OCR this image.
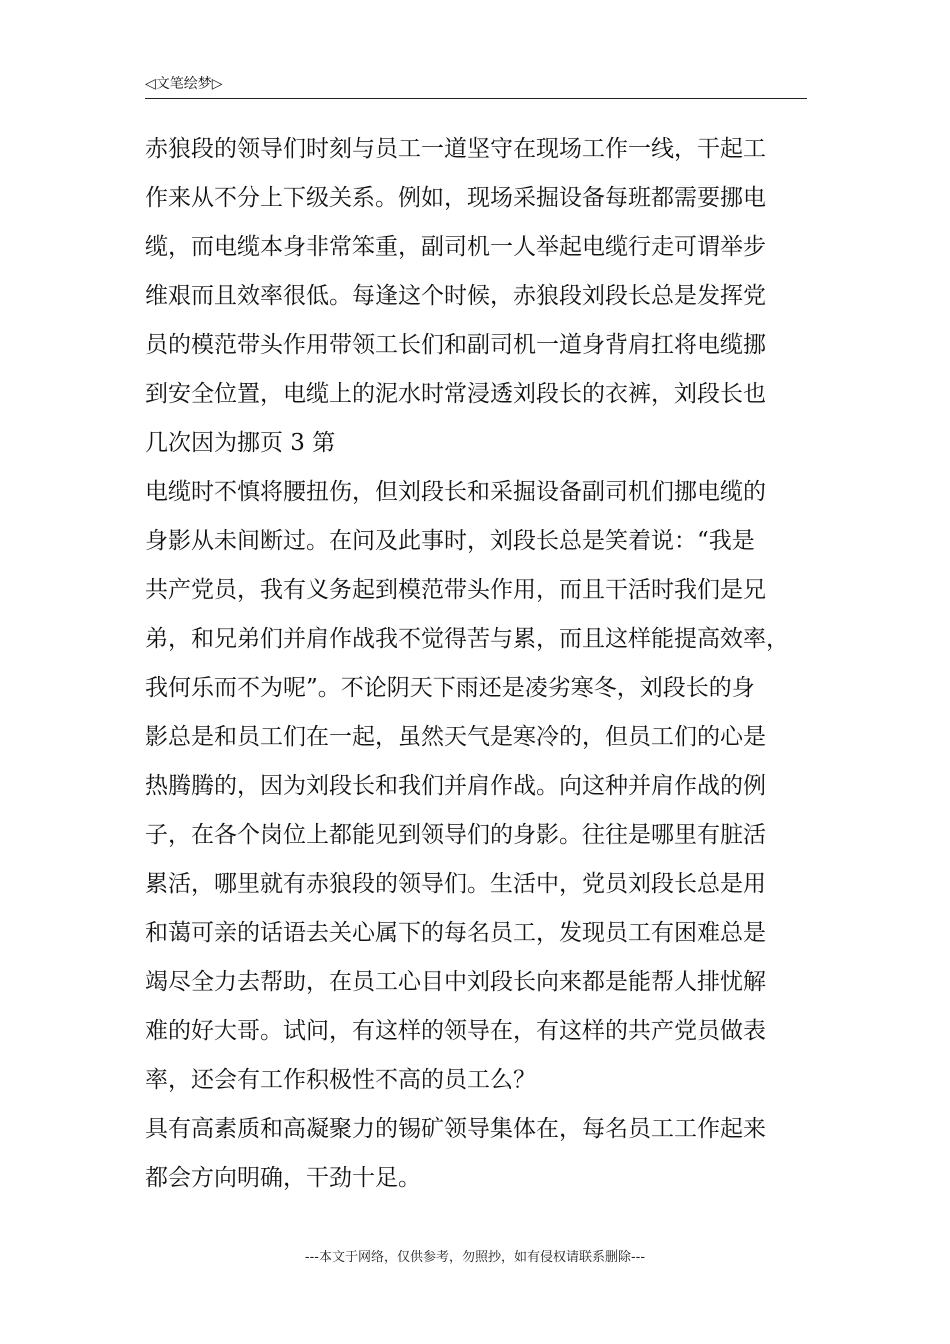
◁文笔绘梦▷
赤狼段的领导们时刻与员工一道坚守在现场工作一线，干起工
作来从不分上下级关系。例如，现场采掘设备每班都需要挪电
缆，而电缆本身非常笨重，副司机一人举起电缆行走可谓举步
维艰而且效率很低。每逢这个时候，赤狼段刘段长总是发挥党
员的模范带头作用带领工长们和副司机一道身背肩扛将电缆挪
到安全位置，电缆上的泥水时常浸透刘段长的衣裤，刘段长也
几次因为挪页 3 第
电缆时不慎将腰扭伤，但刘段长和采掘设备副司机们挪电缆的
身影从未间断过。在问及此事时，刘段长总是笑着说：“我是
共产党员，我有义务起到模范带头作用，而且干活时我们是兄
弟，和兄弟们并肩作战我不觉得苦与累，而且这样能提高效率，
我何乐而不为呢”。不论阴天下雨还是凌劣寒冬，刘段长的身
影总是和员工们在一起，虽然天气是寒冷的，但员工们的心是
热腾腾的，因为刘段长和我们并肩作战。向这种并肩作战的例
子，在各个岗位上都能见到领导们的身影。往往是哪里有脏活
累活，哪里就有赤狼段的领导们。生活中，党员刘段长总是用
和蔼可亲的话语去关心属下的每名员工，发现员工有困难总是
竭尽全力去帮助，在员工心目中刘段长向来都是能帮人排忧解
难的好大哥。试问，有这样的领导在，有这样的共产党员做表
率，还会有工作积极性不高的员工么？
具有高素质和高凝聚力的锡矿领导集体在，每名员工工作起来
都会方向明确，干劲十足。
---本文于网络，仅供参考，勿照抄，如有侵权请联系删除---
